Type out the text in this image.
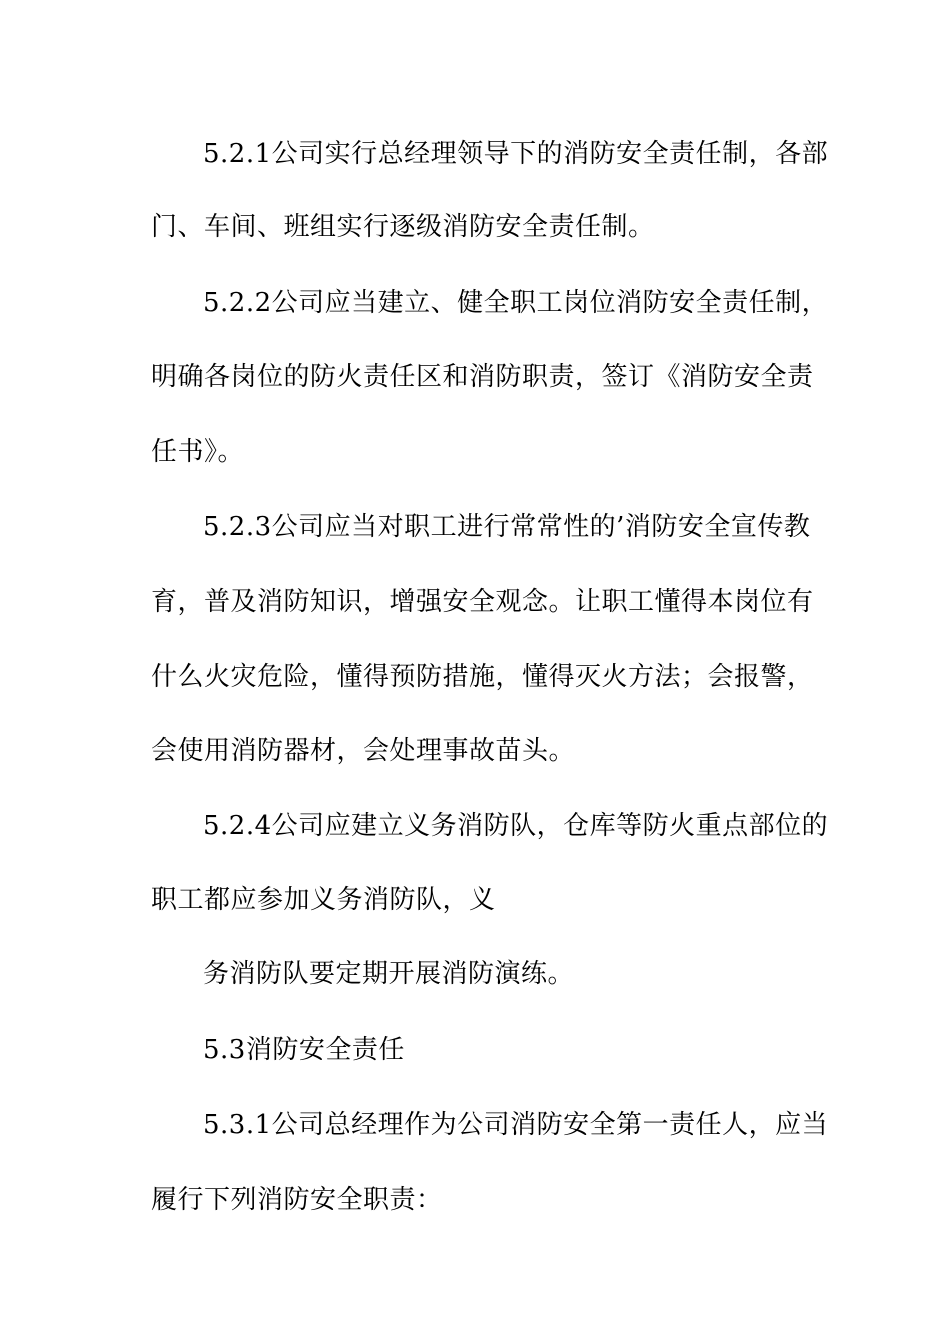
5.2.1公司实行总经理领导下的消防安全责任制，各部
门、车间、班组实行逐级消防安全责任制。
5.2.2公司应当建立、健全职工岗位消防安全责任制，
明确各岗位的防火责任区和消防职责，签订《消防安全责
任书》。
5.2.3公司应当对职工进行常常性的’消防安全宣传教
育，普及消防知识，增强安全观念。让职工懂得本岗位有
什么火灾危险，懂得预防措施，懂得灭火方法；会报警，
会使用消防器材，会处理事故苗头。
5.2.4公司应建立义务消防队，仓库等防火重点部位的
职工都应参加义务消防队，义
务消防队要定期开展消防演练。
5.3消防安全责任
5.3.1公司总经理作为公司消防安全第一责任人，应当
履行下列消防安全职责：
